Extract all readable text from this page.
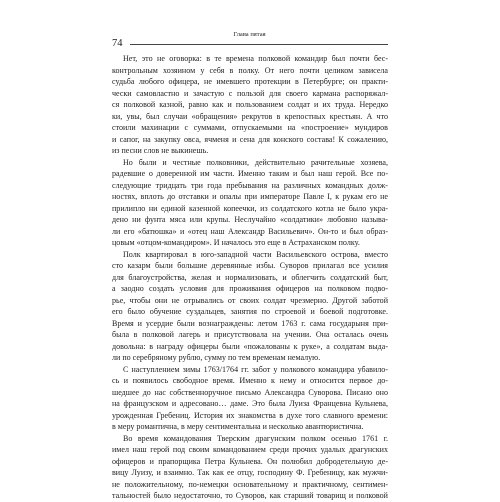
Глава пятая
74
Нет, это не оговорка: в те времена полковой командир был почти бес-
контрольным хозяином у себя в полку. От него почти целиком зависела
судьба любого офицера, не имевшего протекции в Петербурге; он практи-
чески самовластно и зачастую с пользой для своего кармана распоряжал-
ся полковой казной, равно как и пользованием солдат и их труда. Нередко
ки, увы, был случаи «обращения» рекрутов в крепостных крестьян. А что
стоили махинации с суммами, отпускаемыми на «построение» мундиров
и сапог, на закупку овса, ячменя и сена для конского состава! К сожалению,
из песни слов не выкинешь.
Но были и честные полковники, действительно рачительные хозяева,
радевшие о доверенной им части. Именно таким и был наш герой. Все по-
следующие тридцать три года пребывания на различных командных долж-
ностях, вплоть до отставки и опалы при императоре Павле I, к рукам его не
прилипло ни единой казенной копеечки, из солдатского котла не было укра-
дено ни фунта мяса или крупы. Неслучайно «солдатики» любовно называ-
ли его «батюшка» и «отец наш Александр Васильевич». Он-то и был образ-
цовым «отцом-командиром». И началось это еще в Астраханском полку.
Полк квартировал в юго-западной части Васильевского острова, вместо
сто казарм были большие деревянные избы. Суворов прилагал все усилия
для благоустройства, желая и нормализовать, и облегчить солдатский быт,
а заодно создать условия для проживания офицеров на полковом подво-
рье, чтобы они не отрывались от своих солдат чрезмерно. Другой заботой
его было обучение суздальцев, занятия по строевой и боевой подготовке.
Время и усердие были вознаграждены: летом 1763 г. сама государыня при-
была в полковой лагерь и присутствовала на учении. Она осталась очень
довольна: в награду офицеры были «пожалованы к руке», а солдатам выда-
ли по серебряному рублю, сумму по тем временам немалую.
С наступлением зимы 1763/1764 гг. забот у полкового командира убавило-
сь и появилось свободное время. Именно к нему и относится первое до-
шедшее до нас собственноручное письмо Александра Суворова. Писано оно
на французском и адресовано… даме. Это была Луиза Францевна Кульнева,
урожденная Гребениц. История их знакомства в духе того славного времени:
в меру романтична, в меру сентиментальна и несколько авантюристична.
Во время командования Тверским драгунским полком осенью 1761 г.
имел наш герой под своим командованием среди прочих удалых драгунских
офицеров и прапорщика Петра Кульнева. Он полюбил добродетельную де-
вицу Луизу, и взаимно. Так как ее отцу, господину Ф. Гребеницу, как мужчи-
не положительному, по-немецки основательному и практичному, сентимен-
тальностей было недостаточно, то Суворов, как старший товарищ и полковой
